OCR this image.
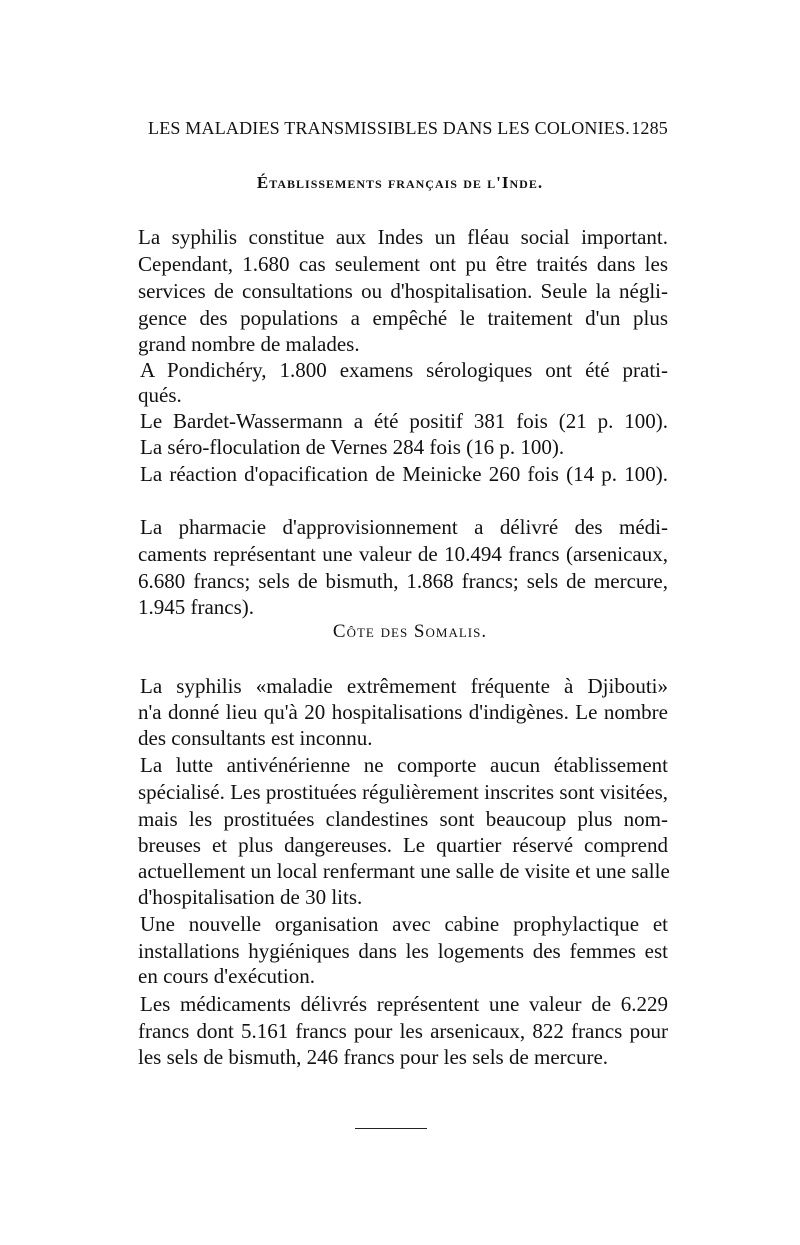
LES MALADIES TRANSMISSIBLES DANS LES COLONIES. 1285
Établissements français de l'Inde.
La syphilis constitue aux Indes un fléau social important.
Cependant, 1.680 cas seulement ont pu être traités dans les
services de consultations ou d'hospitalisation. Seule la négli-
gence des populations a empêché le traitement d'un plus
grand nombre de malades.
A Pondichéry, 1.800 examens sérologiques ont été prati-
qués.
Le Bardet-Wassermann a été positif 381 fois (21 p. 100).
La séro-floculation de Vernes 284 fois (16 p. 100).
La réaction d'opacification de Meinicke 260 fois (14 p. 100).
La pharmacie d'approvisionnement a délivré des médi-
caments représentant une valeur de 10.494 francs (arsenicaux,
6.680 francs; sels de bismuth, 1.868 francs; sels de mercure,
1.945 francs).
Côte des Somalis.
La syphilis «maladie extrêmement fréquente à Djibouti»
n'a donné lieu qu'à 20 hospitalisations d'indigènes. Le nombre
des consultants est inconnu.
La lutte antivénérienne ne comporte aucun établissement
spécialisé. Les prostituées régulièrement inscrites sont visitées,
mais les prostituées clandestines sont beaucoup plus nom-
breuses et plus dangereuses. Le quartier réservé comprend
actuellement un local renfermant une salle de visite et une salle
d'hospitalisation de 30 lits.
Une nouvelle organisation avec cabine prophylactique et
installations hygiéniques dans les logements des femmes est
en cours d'exécution.
Les médicaments délivrés représentent une valeur de 6.229
francs dont 5.161 francs pour les arsenicaux, 822 francs pour
les sels de bismuth, 246 francs pour les sels de mercure.
